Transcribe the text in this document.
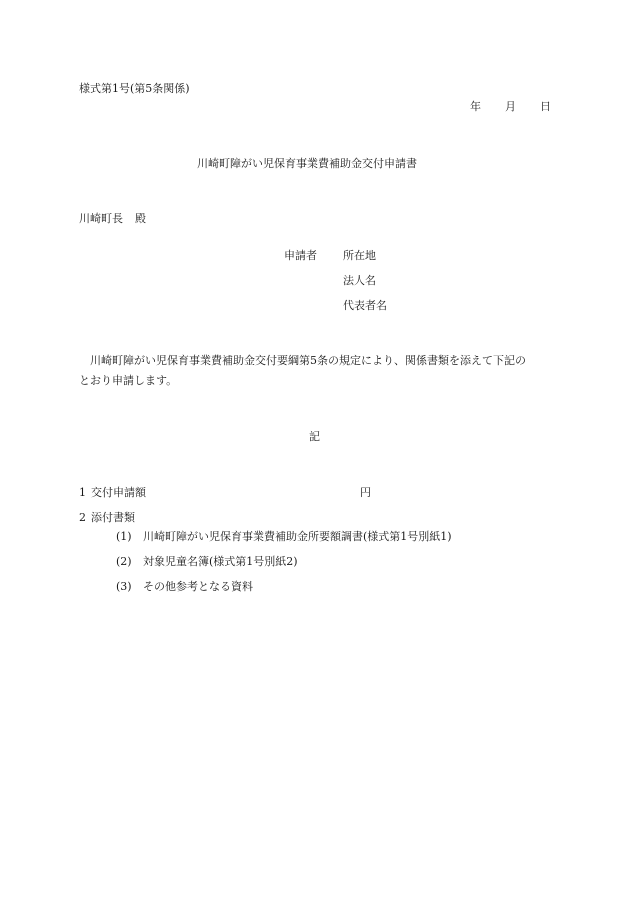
様式第1号(第5条関係)
年 月 日
川崎町障がい児保育事業費補助金交付申請書
川崎町長 殿
申請者 所在地
法人名
代表者名
川崎町障がい児保育事業費補助金交付要綱第5条の規定により、関係書類を添えて下記の
とおり申請します。
記
1 交付申請額	円
2 添付書類
(1) 川崎町障がい児保育事業費補助金所要額調書(様式第1号別紙1)
(2) 対象児童名簿(様式第1号別紙2)
(3) その他参考となる資料
